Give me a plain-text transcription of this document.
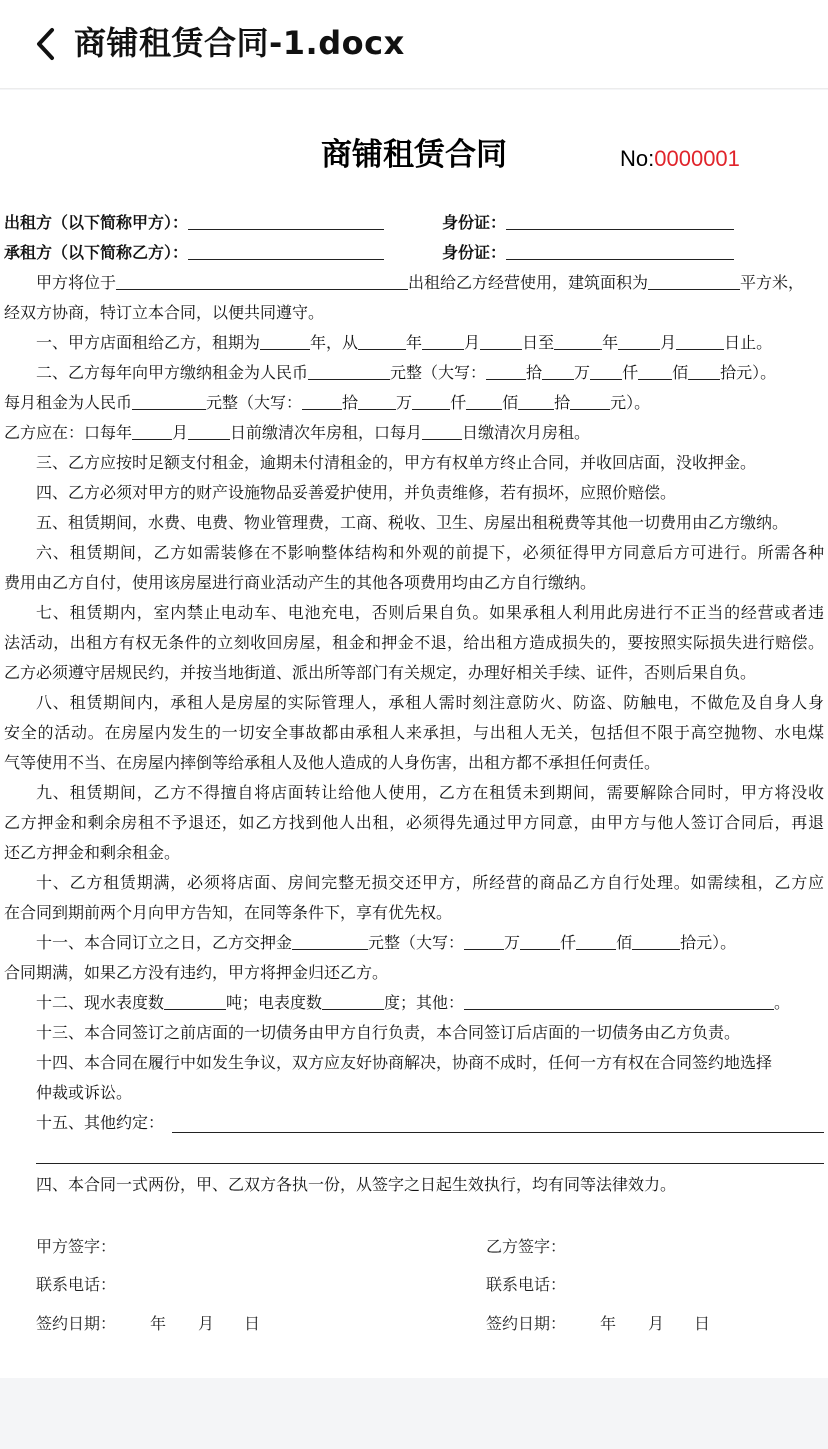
商铺租赁合同-1.docx
商铺租赁合同	No:0000001
出租方（以下简称甲方）：	身份证：
承租方（以下简称乙方）：	身份证：
甲方将位于	出租给乙方经营使用，建筑面积为	平方米，
经双方协商，特订立本合同，以便共同遵守。
一、甲方店面租给乙方，租期为	年，从	年	月	日至	年	月	日止。
二、乙方每年向甲方缴纳租金为人民币	元整（大写：	拾 万 仟 佰 拾元）。
每月租金为人民币	元整（大写：	拾 万 仟 佰 拾	元）。
乙方应在：口每年	月	日前缴清次年房租，口每月	日缴清次月房租。
三、乙方应按时足额支付租金，逾期未付清租金的，甲方有权单方终止合同，并收回店面，没收押金。
四、乙方必须对甲方的财产设施物品妥善爱护使用，并负责维修，若有损坏，应照价赔偿。
五、租赁期间，水费、电费、物业管理费，工商、税收、卫生、房屋出租税费等其他一切费用由乙方缴纳。
六、租赁期间，乙方如需装修在不影响整体结构和外观的前提下，必须征得甲方同意后方可进行。所需各种
费用由乙方自付，使用该房屋进行商业活动产生的其他各项费用均由乙方自行缴纳。
七、租赁期内，室内禁止电动车、电池充电，否则后果自负。如果承租人利用此房进行不正当的经营或者违
法活动，出租方有权无条件的立刻收回房屋，租金和押金不退，给出租方造成损失的，要按照实际损失进行赔偿。
乙方必须遵守居规民约，并按当地街道、派出所等部门有关规定，办理好相关手续、证件，否则后果自负。
八、租赁期间内，承租人是房屋的实际管理人，承租人需时刻注意防火、防盗、防触电，不做危及自身人身
安全的活动。在房屋内发生的一切安全事故都由承租人来承担，与出租人无关，包括但不限于高空抛物、水电煤
气等使用不当、在房屋内摔倒等给承租人及他人造成的人身伤害，出租方都不承担任何责任。
九、租赁期间，乙方不得擅自将店面转让给他人使用，乙方在租赁未到期间，需要解除合同时，甲方将没收
乙方押金和剩余房租不予退还，如乙方找到他人出租，必须得先通过甲方同意，由甲方与他人签订合同后，再退
还乙方押金和剩余租金。
十、乙方租赁期满，必须将店面、房间完整无损交还甲方，所经营的商品乙方自行处理。如需续租，乙方应
在合同到期前两个月向甲方告知，在同等条件下，享有优先权。
十一、本合同订立之日，乙方交押金	元整（大写：	万	仟	佰	拾元）。
合同期满，如果乙方没有违约，甲方将押金归还乙方。
十二、现水表度数	吨；电表度数	度；其他：	。
十三、本合同签订之前店面的一切债务由甲方自行负责，本合同签订后店面的一切债务由乙方负责。
十四、本合同在履行中如发生争议，双方应友好协商解决，协商不成时，任何一方有权在合同签约地选择
仲裁或诉讼。
十五、其他约定：
四、本合同一式两份，甲、乙双方各执一份，从签字之日起生效执行，均有同等法律效力。
甲方签字：	乙方签字：
联系电话：	联系电话：
签约日期： 年 月 日	签约日期： 年 月 日
